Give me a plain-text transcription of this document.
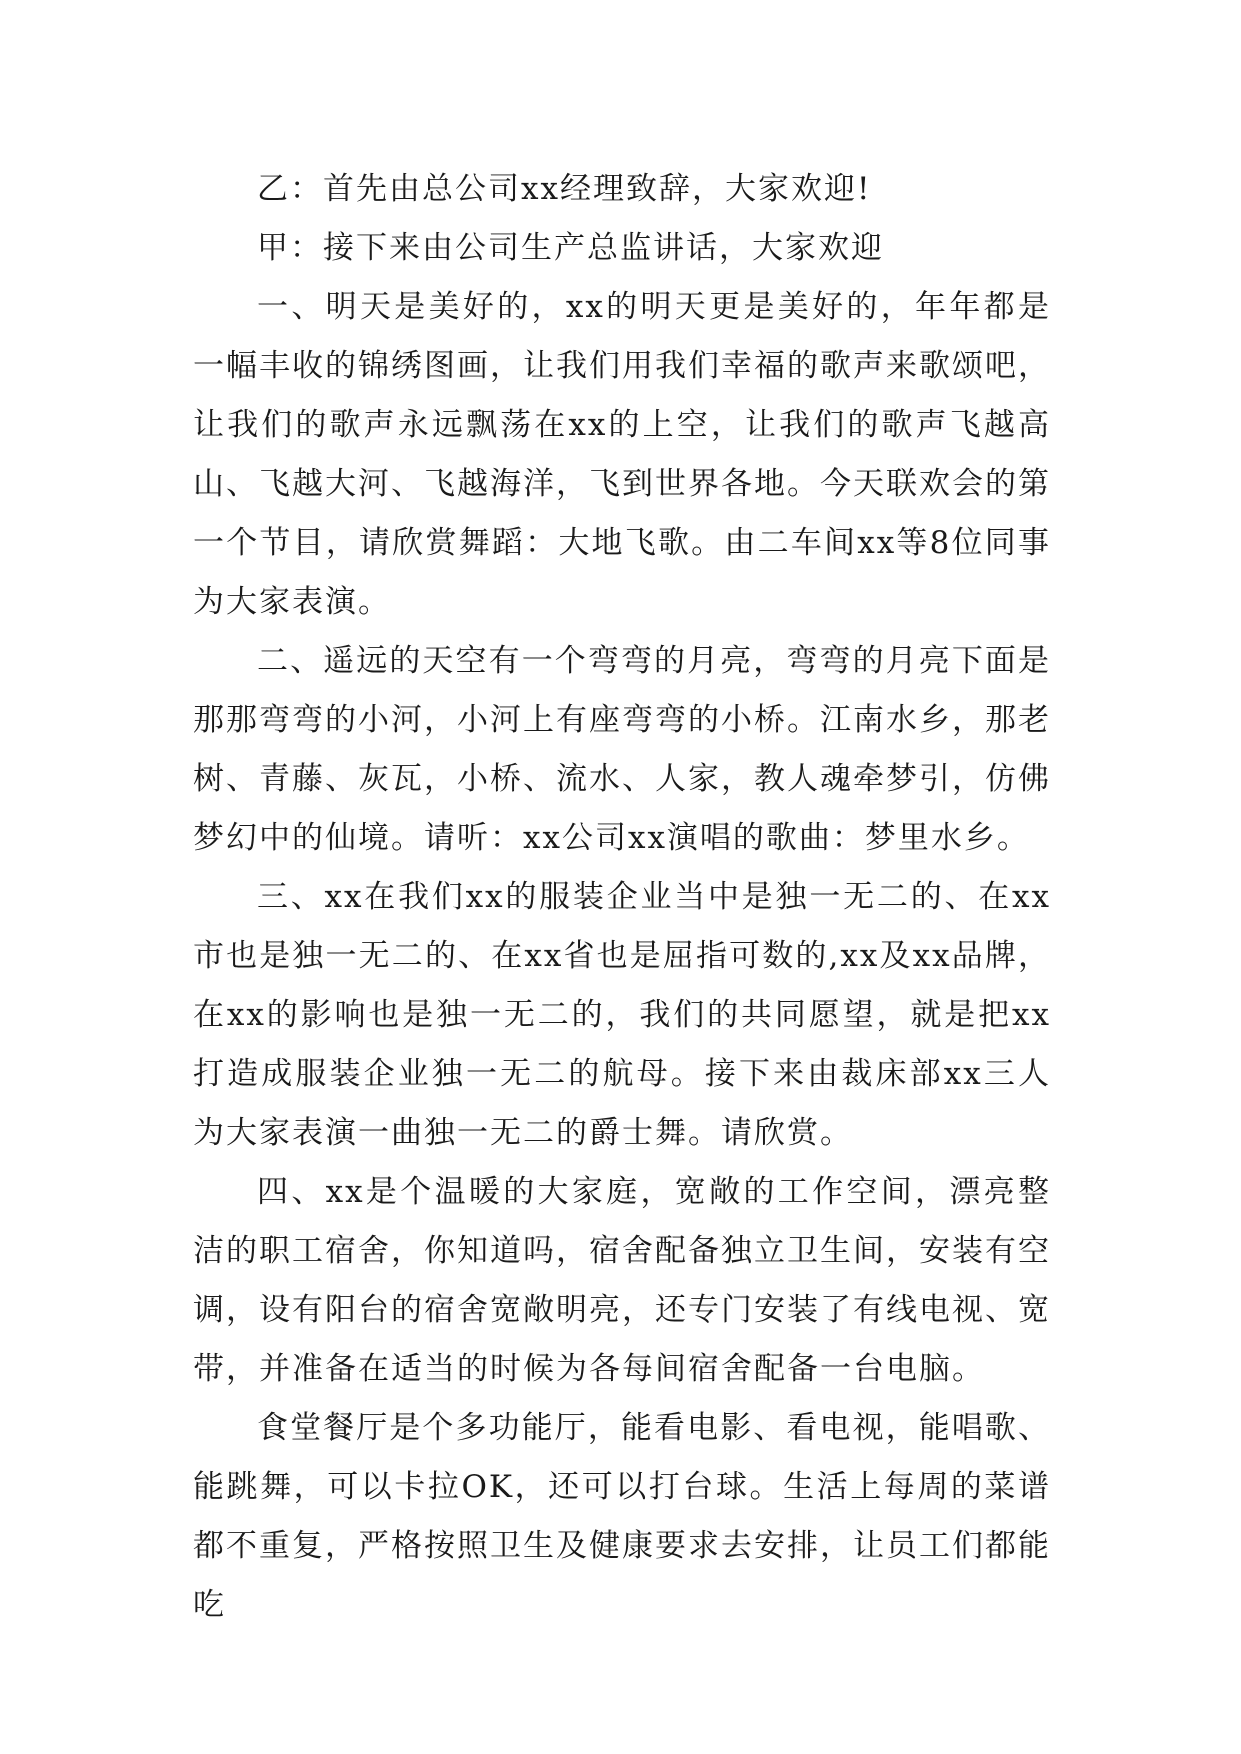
乙：首先由总公司xx经理致辞，大家欢迎!

甲：接下来由公司生产总监讲话，大家欢迎

一、明天是美好的，xx的明天更是美好的，年年都是一幅丰收的锦绣图画，让我们用我们幸福的歌声来歌颂吧，让我们的歌声永远飘荡在xx的上空，让我们的歌声飞越高山、飞越大河、飞越海洋，飞到世界各地。今天联欢会的第一个节目，请欣赏舞蹈：大地飞歌。由二车间xx等8位同事为大家表演。

二、遥远的天空有一个弯弯的月亮，弯弯的月亮下面是那那弯弯的小河，小河上有座弯弯的小桥。江南水乡，那老树、青藤、灰瓦，小桥、流水、人家，教人魂牵梦引，仿佛梦幻中的仙境。请听：xx公司xx演唱的歌曲：梦里水乡。

三、xx在我们xx的服装企业当中是独一无二的、在xx市也是独一无二的、在xx省也是屈指可数的,xx及xx品牌，在xx的影响也是独一无二的，我们的共同愿望，就是把xx打造成服装企业独一无二的航母。接下来由裁床部xx三人为大家表演一曲独一无二的爵士舞。请欣赏。

四、xx是个温暖的大家庭，宽敞的工作空间，漂亮整洁的职工宿舍，你知道吗，宿舍配备独立卫生间，安装有空调，设有阳台的宿舍宽敞明亮，还专门安装了有线电视、宽带，并准备在适当的时候为各每间宿舍配备一台电脑。

食堂餐厅是个多功能厅，能看电影、看电视，能唱歌、能跳舞，可以卡拉OK，还可以打台球。生活上每周的菜谱都不重复，严格按照卫生及健康要求去安排，让员工们都能吃
